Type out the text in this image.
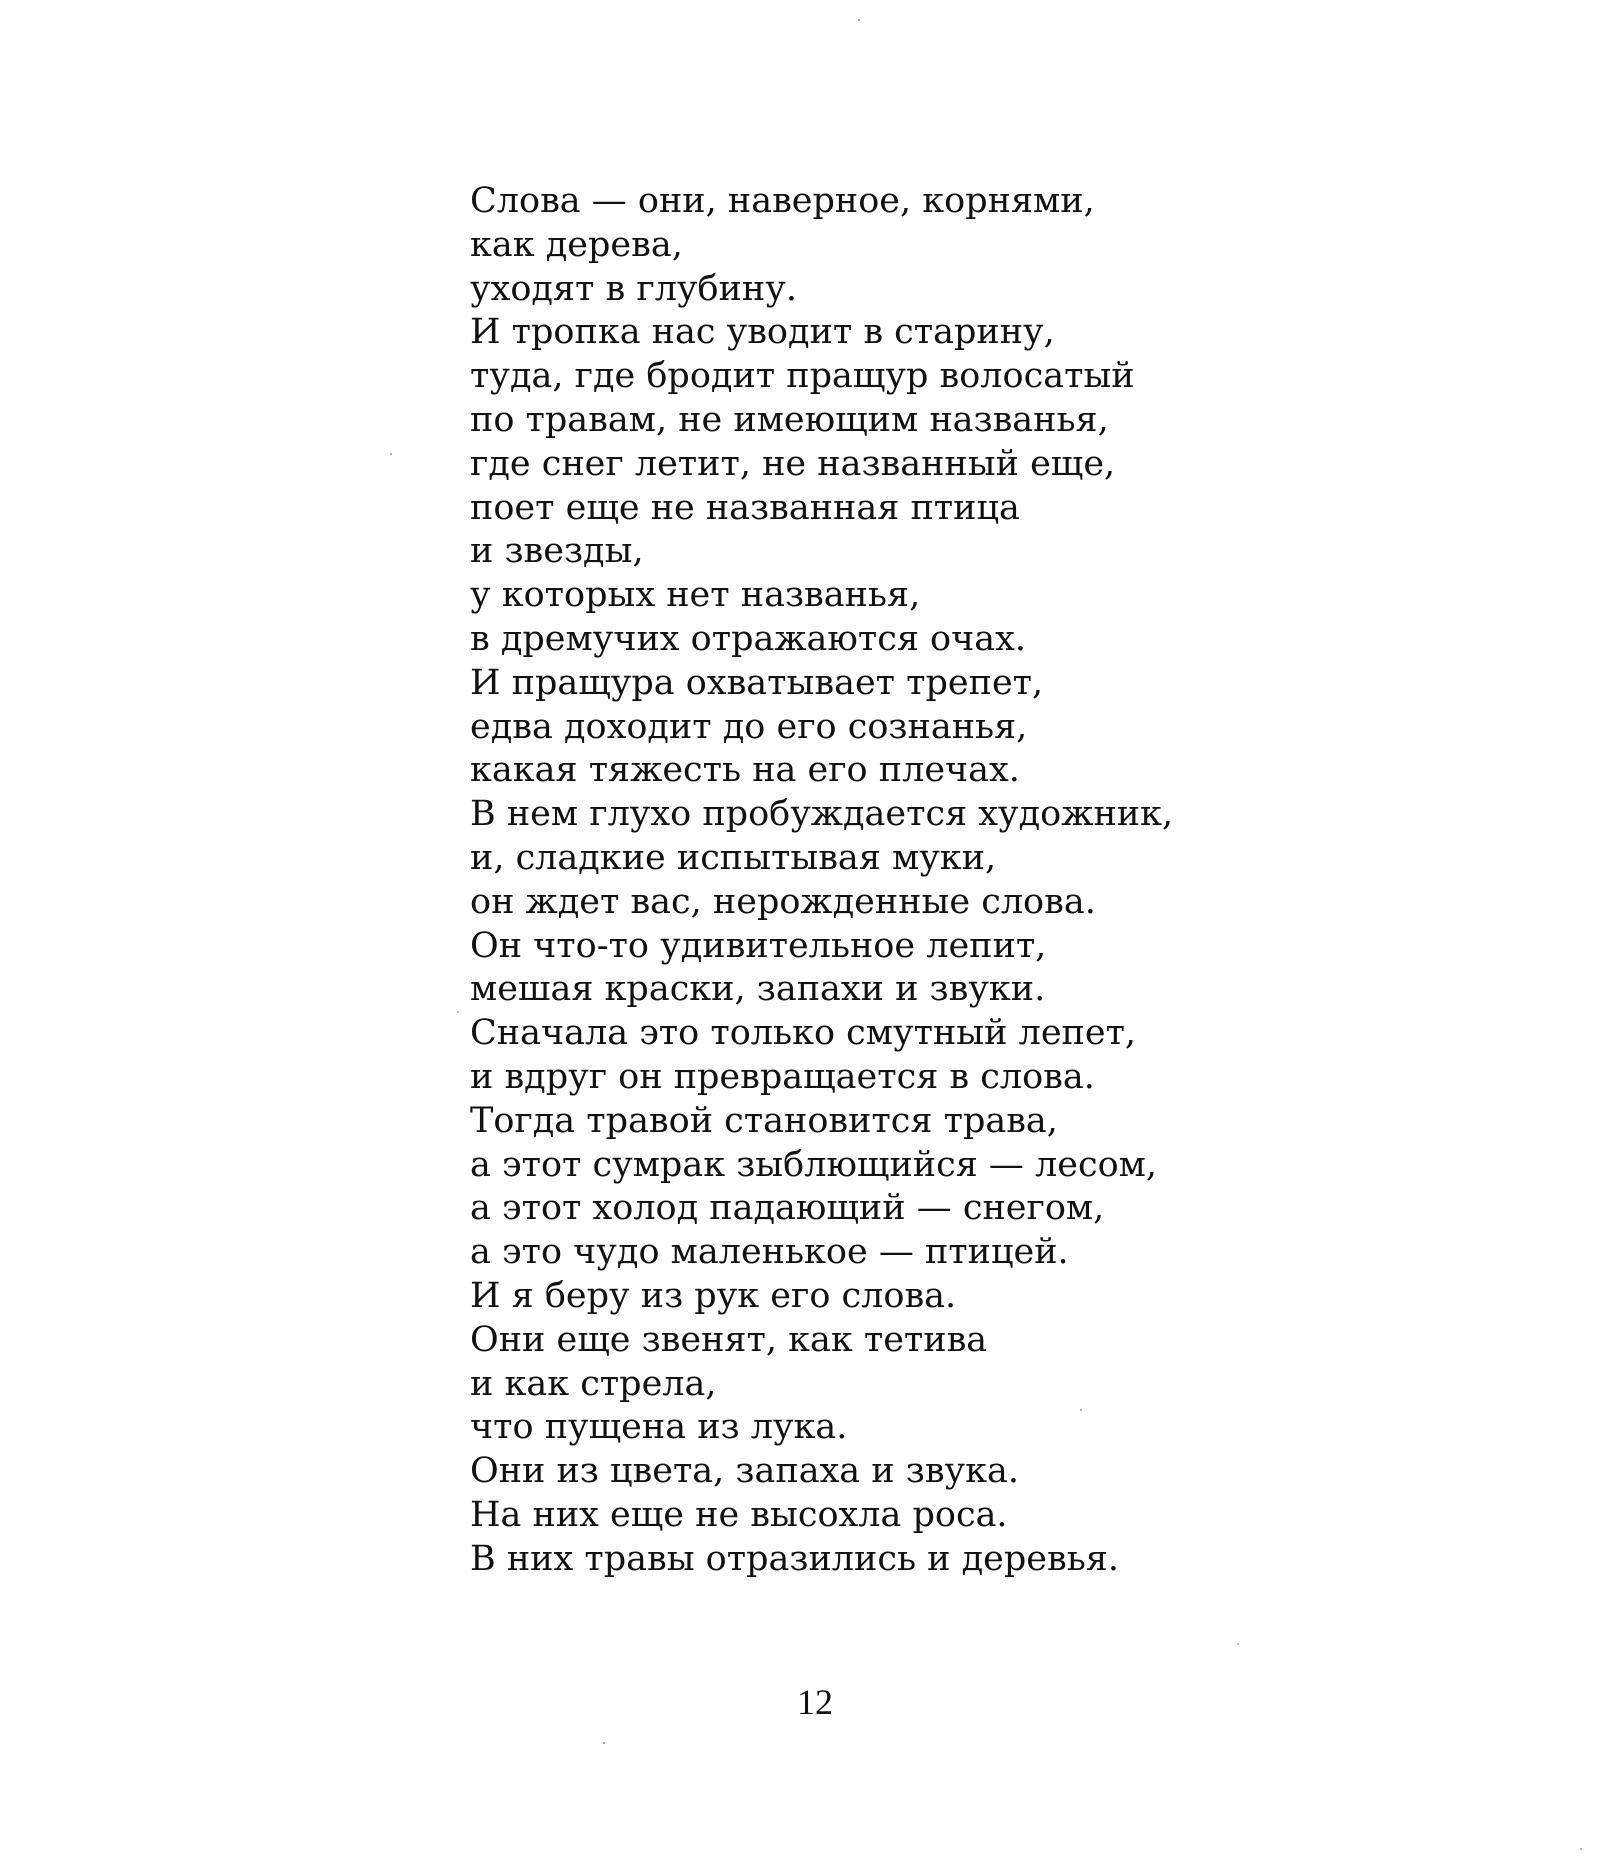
Слова — они, наверное, корнями,
как дерева,
уходят в глубину.
И тропка нас уводит в старину,
туда, где бродит пращур волосатый
по травам, не имеющим названья,
где снег летит, не названный еще,
поет еще не названная птица
и звезды,
у которых нет названья,
в дремучих отражаются очах.
И пращура охватывает трепет,
едва доходит до его сознанья,
какая тяжесть на его плечах.
В нем глухо пробуждается художник,
и, сладкие испытывая муки,
он ждет вас, нерожденные слова.
Он что-то удивительное лепит,
мешая краски, запахи и звуки.
Сначала это только смутный лепет,
и вдруг он превращается в слова.
Тогда травой становится трава,
а этот сумрак зыблющийся — лесом,
а этот холод падающий — снегом,
а это чудо маленькое — птицей.
И я беру из рук его слова.
Они еще звенят, как тетива
и как стрела,
что пущена из лука.
Они из цвета, запаха и звука.
На них еще не высохла роса.
В них травы отразились и деревья.
12
